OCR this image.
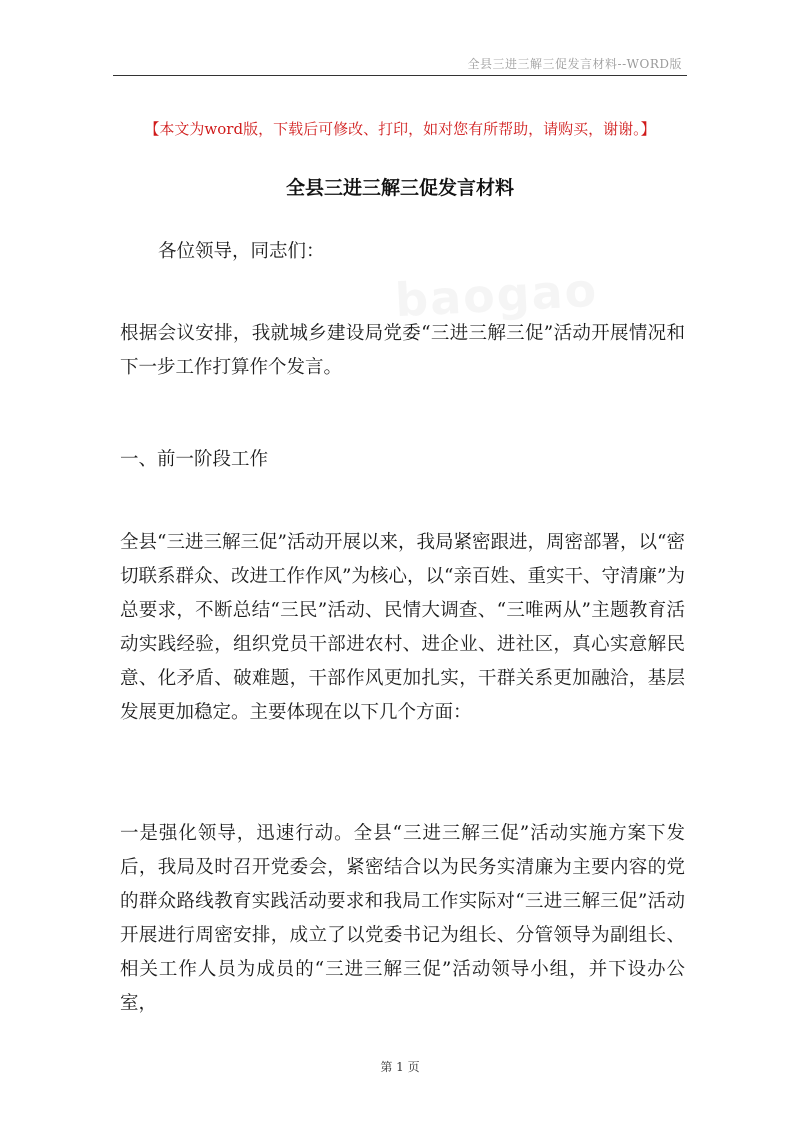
全县三进三解三促发言材料--WORD版
【本文为word版，下载后可修改、打印，如对您有所帮助，请购买，谢谢。】
全县三进三解三促发言材料
baogao

各位领导，同志们：

根据会议安排，我就城乡建设局党委“三进三解三促”活动开展情况和下一步工作打算作个发言。

一、前一阶段工作

全县“三进三解三促”活动开展以来，我局紧密跟进，周密部署，以“密切联系群众、改进工作作风”为核心，以“亲百姓、重实干、守清廉”为总要求，不断总结“三民”活动、民情大调查、“三唯两从”主题教育活动实践经验，组织党员干部进农村、进企业、进社区，真心实意解民意、化矛盾、破难题，干部作风更加扎实，干群关系更加融洽，基层发展更加稳定。主要体现在以下几个方面：

一是强化领导，迅速行动。全县“三进三解三促”活动实施方案下发后，我局及时召开党委会，紧密结合以为民务实清廉为主要内容的党的群众路线教育实践活动要求和我局工作实际对“三进三解三促”活动开展进行周密安排，成立了以党委书记为组长、分管领导为副组长、相关工作人员为成员的“三进三解三促”活动领导小组，并下设办公室，

第 1 页
